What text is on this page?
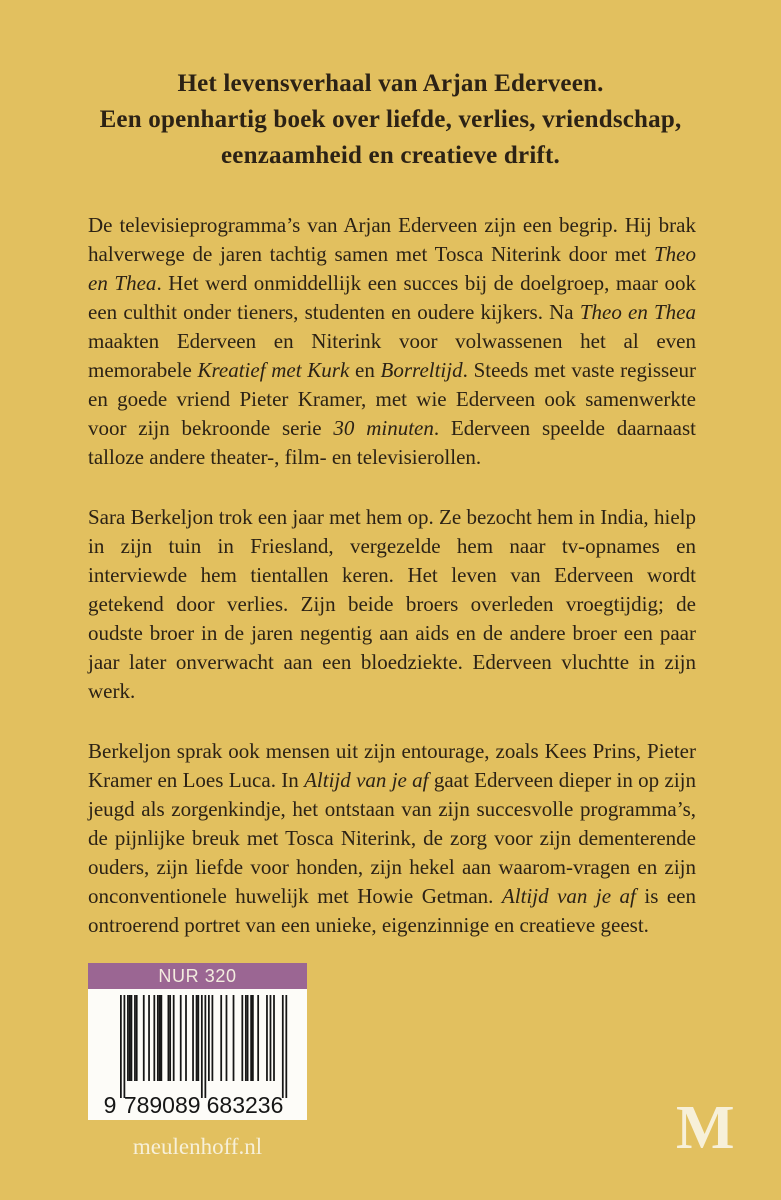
Het levensverhaal van Arjan Ederveen.
Een openhartig boek over liefde, verlies, vriendschap,
eenzaamheid en creatieve drift.

De televisieprogramma’s van Arjan Ederveen zijn een begrip. Hij brak halverwege de jaren tachtig samen met Tosca Niterink door met Theo en Thea. Het werd onmiddellijk een succes bij de doelgroep, maar ook een culthit onder tieners, studenten en oudere kijkers. Na Theo en Thea maakten Ederveen en Niterink voor volwassenen het al even memorabele Kreatief met Kurk en Borreltijd. Steeds met vaste regisseur en goede vriend Pieter Kramer, met wie Ederveen ook samenwerkte voor zijn bekroonde serie 30 minuten. Ederveen speelde daarnaast talloze andere theater-, film- en televisierollen.

Sara Berkeljon trok een jaar met hem op. Ze bezocht hem in India, hielp in zijn tuin in Friesland, vergezelde hem naar tv-opnames en interviewde hem tientallen keren. Het leven van Ederveen wordt getekend door verlies. Zijn beide broers overleden vroegtijdig; de oudste broer in de jaren negentig aan aids en de andere broer een paar jaar later onverwacht aan een bloedziekte. Ederveen vluchtte in zijn werk.

Berkeljon sprak ook mensen uit zijn entourage, zoals Kees Prins, Pieter Kramer en Loes Luca. In Altijd van je af gaat Ederveen dieper in op zijn jeugd als zorgenkindje, het ontstaan van zijn succesvolle programma’s, de pijnlijke breuk met Tosca Niterink, de zorg voor zijn dementerende ouders, zijn liefde voor honden, zijn hekel aan waarom-vragen en zijn onconventionele huwelijk met Howie Getman. Altijd van je af is een ontroerend portret van een unieke, eigenzinnige en creatieve geest.

NUR 320
9 789089 683236
meulenhoff.nl	M
